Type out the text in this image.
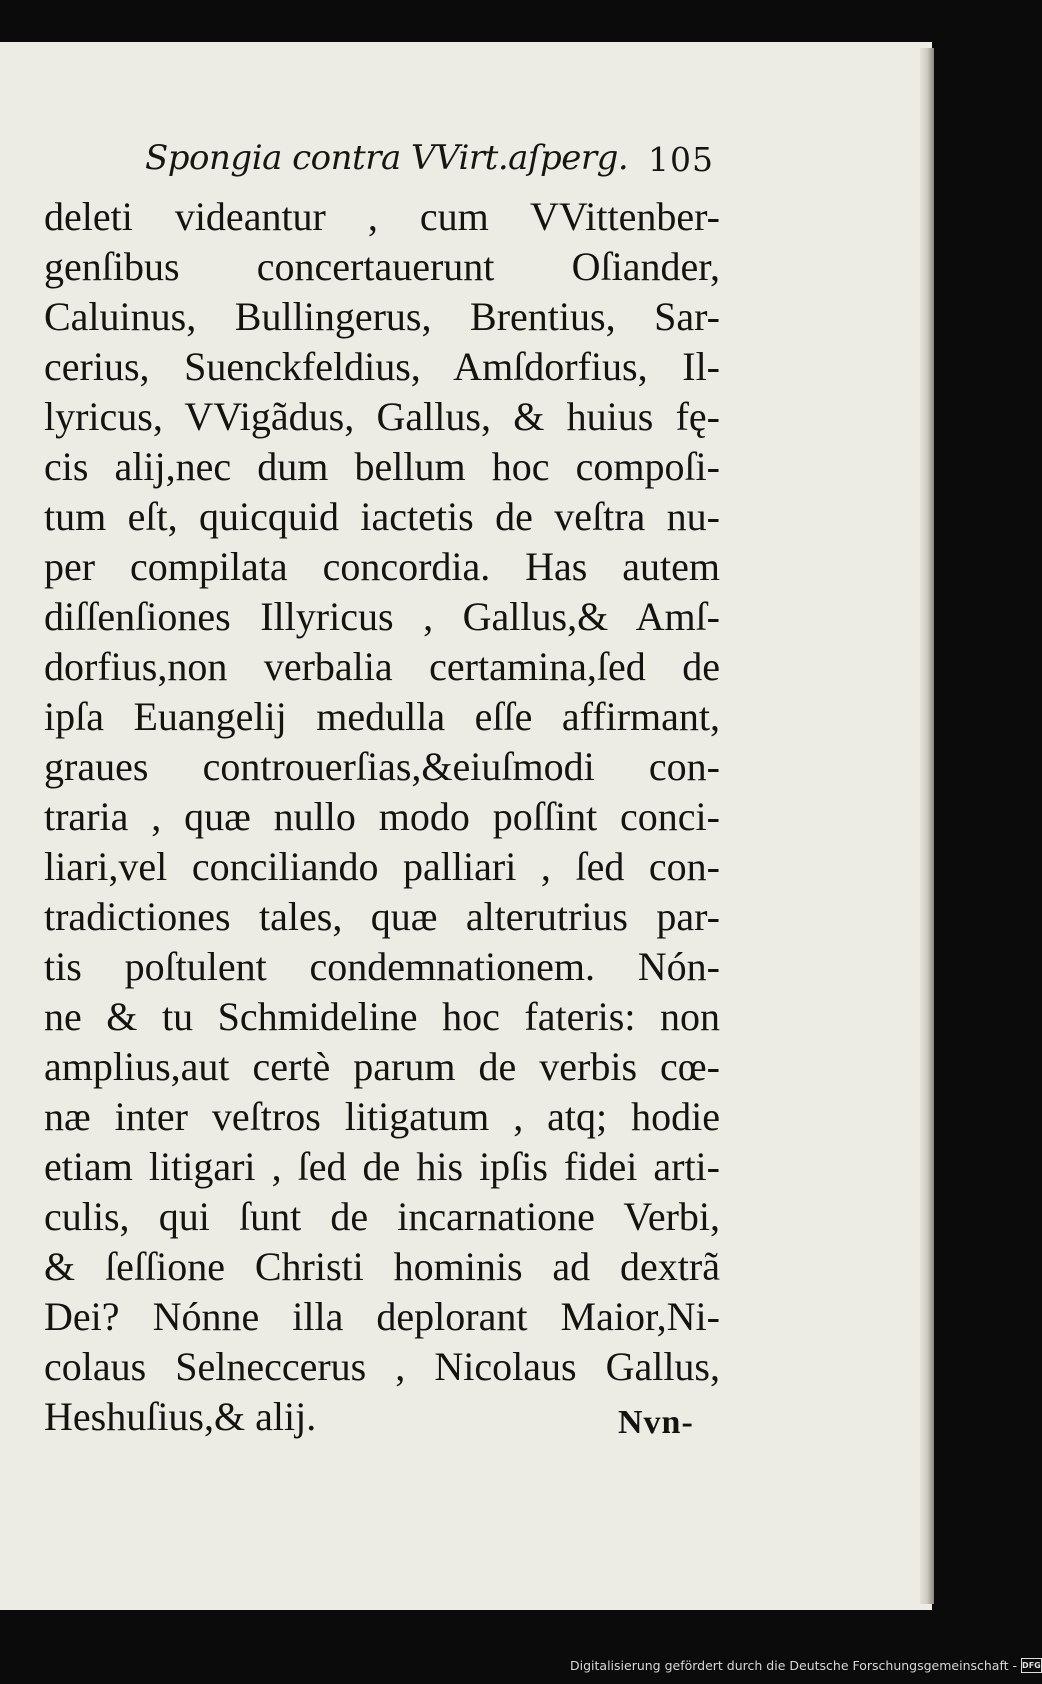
Spongia contra VVirt.aſperg. 105
deleti videantur , cum VVittenber-
genſibus concertauerunt Oſiander,
Caluinus, Bullingerus, Brentius, Sar-
cerius, Suenckfeldius, Amſdorfius, Il-
lyricus, VVigãdus, Gallus, & huius fę-
cis alij,nec dum bellum hoc compoſi-
tum eſt, quicquid iactetis de veſtra nu-
per compilata concordia. Has autem
diſſenſiones Illyricus , Gallus,& Amſ-
dorfius,non verbalia certamina,ſed de
ipſa Euangelij medulla eſſe affirmant,
graues controuerſias,&eiuſmodi con-
traria , quæ nullo modo poſſint conci-
liari,vel conciliando palliari , ſed con-
tradictiones tales, quæ alterutrius par-
tis poſtulent condemnationem. Nón-
ne & tu Schmideline hoc fateris: non
amplius,aut certè parum de verbis cœ-
næ inter veſtros litigatum , atq; hodie
etiam litigari , ſed de his ipſis fidei arti-
culis, qui ſunt de incarnatione Verbi,
& ſeſſione Christi hominis ad dextrã
Dei? Nónne illa deplorant Maior,Ni-
colaus Selneccerus , Nicolaus Gallus,
Heshuſius,& alij.	Nvn-
Digitalisierung gefördert durch die Deutsche Forschungsgemeinschaft - DFG
